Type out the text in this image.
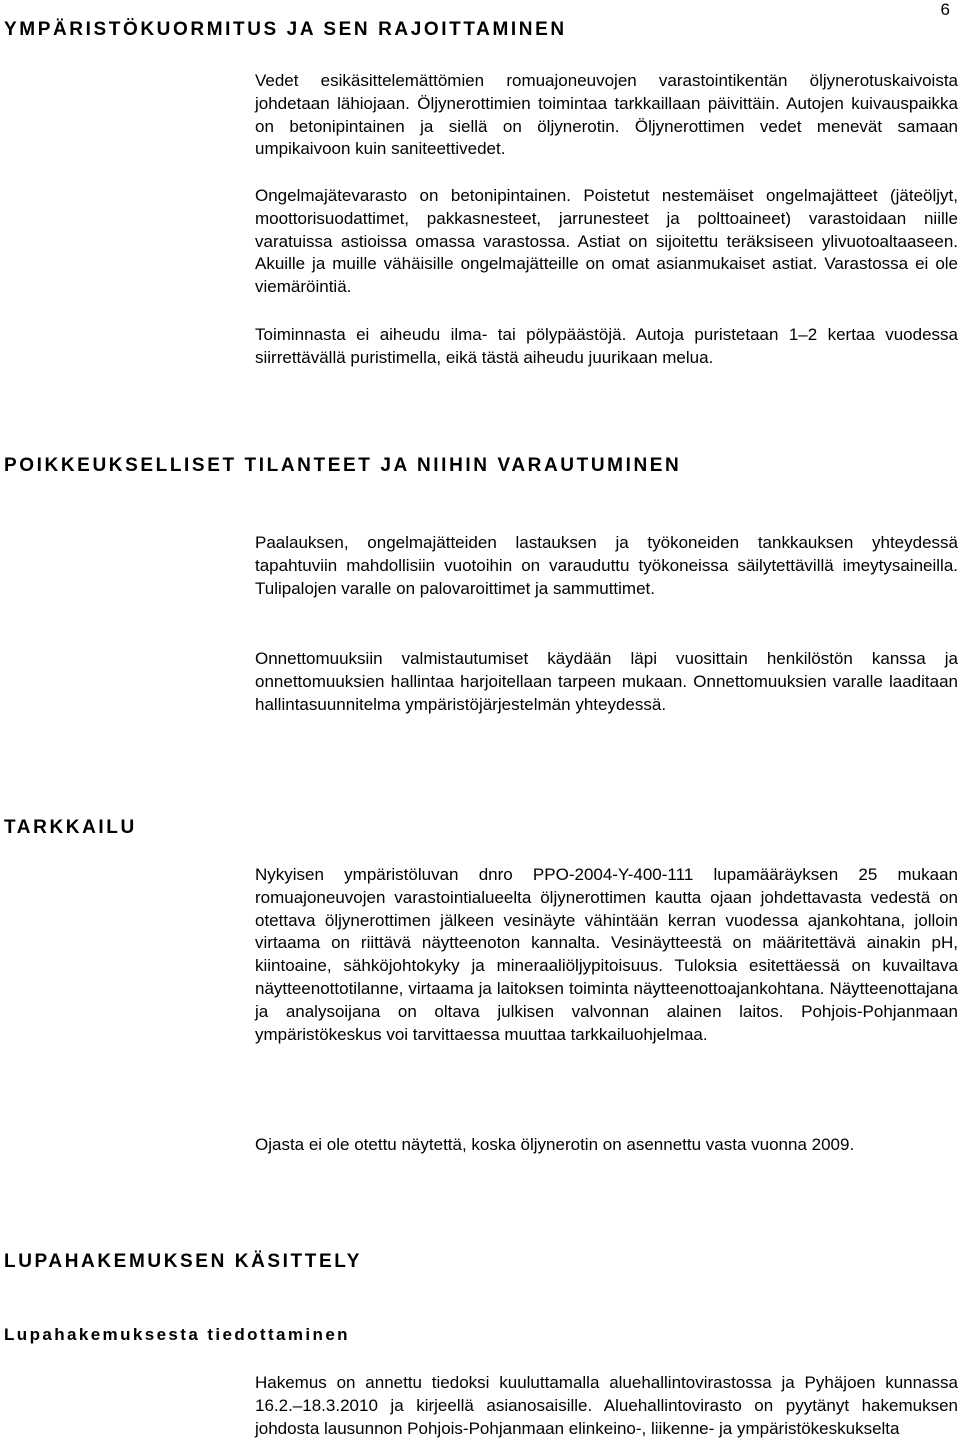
6
YMPÄRISTÖKUORMITUS JA SEN RAJOITTAMINEN

Vedet esikäsittelemättömien romuajoneuvojen varastointikentän öljynerotuskaivoista johdetaan lähiojaan. Öljynerottimien toimintaa tarkkaillaan päivittäin. Autojen kuivauspaikka on betonipintainen ja siellä on öljynerotin. Öljynerottimen vedet menevät samaan umpikaivoon kuin saniteettivedet.

Ongelmajätevarasto on betonipintainen. Poistetut nestemäiset ongelmajätteet (jäteöljyt, moottorisuodattimet, pakkasnesteet, jarrunesteet ja polttoaineet) varastoidaan niille varatuissa astioissa omassa varastossa. Astiat on sijoitettu teräksiseen ylivuotoaltaaseen. Akuille ja muille vähäisille ongelmajätteille on omat asianmukaiset astiat. Varastossa ei ole viemäröintiä.

Toiminnasta ei aiheudu ilma- tai pölypäästöjä. Autoja puristetaan 1–2 kertaa vuodessa siirrettävällä puristimella, eikä tästä aiheudu juurikaan melua.

POIKKEUKSELLISET TILANTEET JA NIIHIN VARAUTUMINEN

Paalauksen, ongelmajätteiden lastauksen ja työkoneiden tankkauksen yhteydessä tapahtuviin mahdollisiin vuotoihin on varauduttu työkoneissa säilytettävillä imeytysaineilla. Tulipalojen varalle on palovaroittimet ja sammuttimet.

Onnettomuuksiin valmistautumiset käydään läpi vuosittain henkilöstön kanssa ja onnettomuuksien hallintaa harjoitellaan tarpeen mukaan. Onnettomuuksien varalle laaditaan hallintasuunnitelma ympäristöjärjestelmän yhteydessä.

TARKKAILU

Nykyisen ympäristöluvan dnro PPO-2004-Y-400-111 lupamääräyksen 25 mukaan romuajoneuvojen varastointialueelta öljynerottimen kautta ojaan johdettavasta vedestä on otettava öljynerottimen jälkeen vesinäyte vähintään kerran vuodessa ajankohtana, jolloin virtaama on riittävä näytteenoton kannalta. Vesinäytteestä on määritettävä ainakin pH, kiintoaine, sähköjohtokyky ja mineraaliöljypitoisuus. Tuloksia esitettäessä on kuvailtava näytteenottotilanne, virtaama ja laitoksen toiminta näytteenottoajankohtana. Näytteenottajana ja analysoijana on oltava julkisen valvonnan alainen laitos. Pohjois-Pohjanmaan ympäristökeskus voi tarvittaessa muuttaa tarkkailuohjelmaa.

Ojasta ei ole otettu näytettä, koska öljynerotin on asennettu vasta vuonna 2009.

LUPAHAKEMUKSEN KÄSITTELY
Lupahakemuksesta tiedottaminen

Hakemus on annettu tiedoksi kuuluttamalla aluehallintovirastossa ja Pyhäjoen kunnassa 16.2.–18.3.2010 ja kirjeellä asianosaisille. Aluehallintovirasto on pyytänyt hakemuksen johdosta lausunnon Pohjois-Pohjanmaan elinkeino-, liikenne- ja ympäristökeskukselta
